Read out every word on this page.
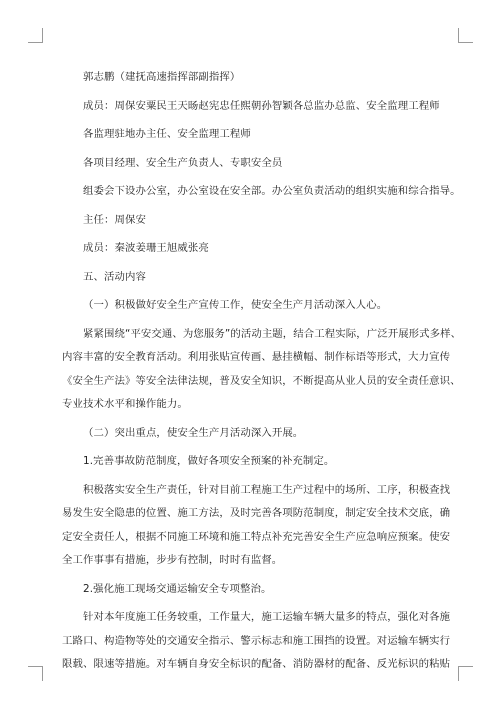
郭志鹏（建抚高速指挥部副指挥）
成员：周保安粟民王天旸赵宪忠任熙朝孙智颖各总监办总监、安全监理工程师
各监理驻地办主任、安全监理工程师
各项目经理、安全生产负责人、专职安全员
组委会下设办公室，办公室设在安全部。办公室负责活动的组织实施和综合指导。
主任：周保安
成员：秦波姜珊王旭威张亮
五、活动内容
（一）积极做好安全生产宣传工作，使安全生产月活动深入人心。
紧紧围绕“平安交通、为您服务”的活动主题，结合工程实际，广泛开展形式多样、
内容丰富的安全教育活动。利用张贴宣传画、悬挂横幅、制作标语等形式，大力宣传
《安全生产法》等安全法律法规，普及安全知识，不断提高从业人员的安全责任意识、
专业技术水平和操作能力。
（二）突出重点，使安全生产月活动深入开展。
1.完善事故防范制度，做好各项安全预案的补充制定。
积极落实安全生产责任，针对目前工程施工生产过程中的场所、工序，积极查找
易发生安全隐患的位置、施工方法，及时完善各项防范制度，制定安全技术交底，确
定安全责任人，根据不同施工环境和施工特点补充完善安全生产应急响应预案。使安
全工作事事有措施，步步有控制，时时有监督。
2.强化施工现场交通运输安全专项整治。
针对本年度施工任务较重，工作量大，施工运输车辆大量多的特点，强化对各施
工路口、构造物等处的交通安全指示、警示标志和施工围挡的设置。对运输车辆实行
限载、限速等措施。对车辆自身安全标识的配备、消防器材的配备、反光标识的粘贴
